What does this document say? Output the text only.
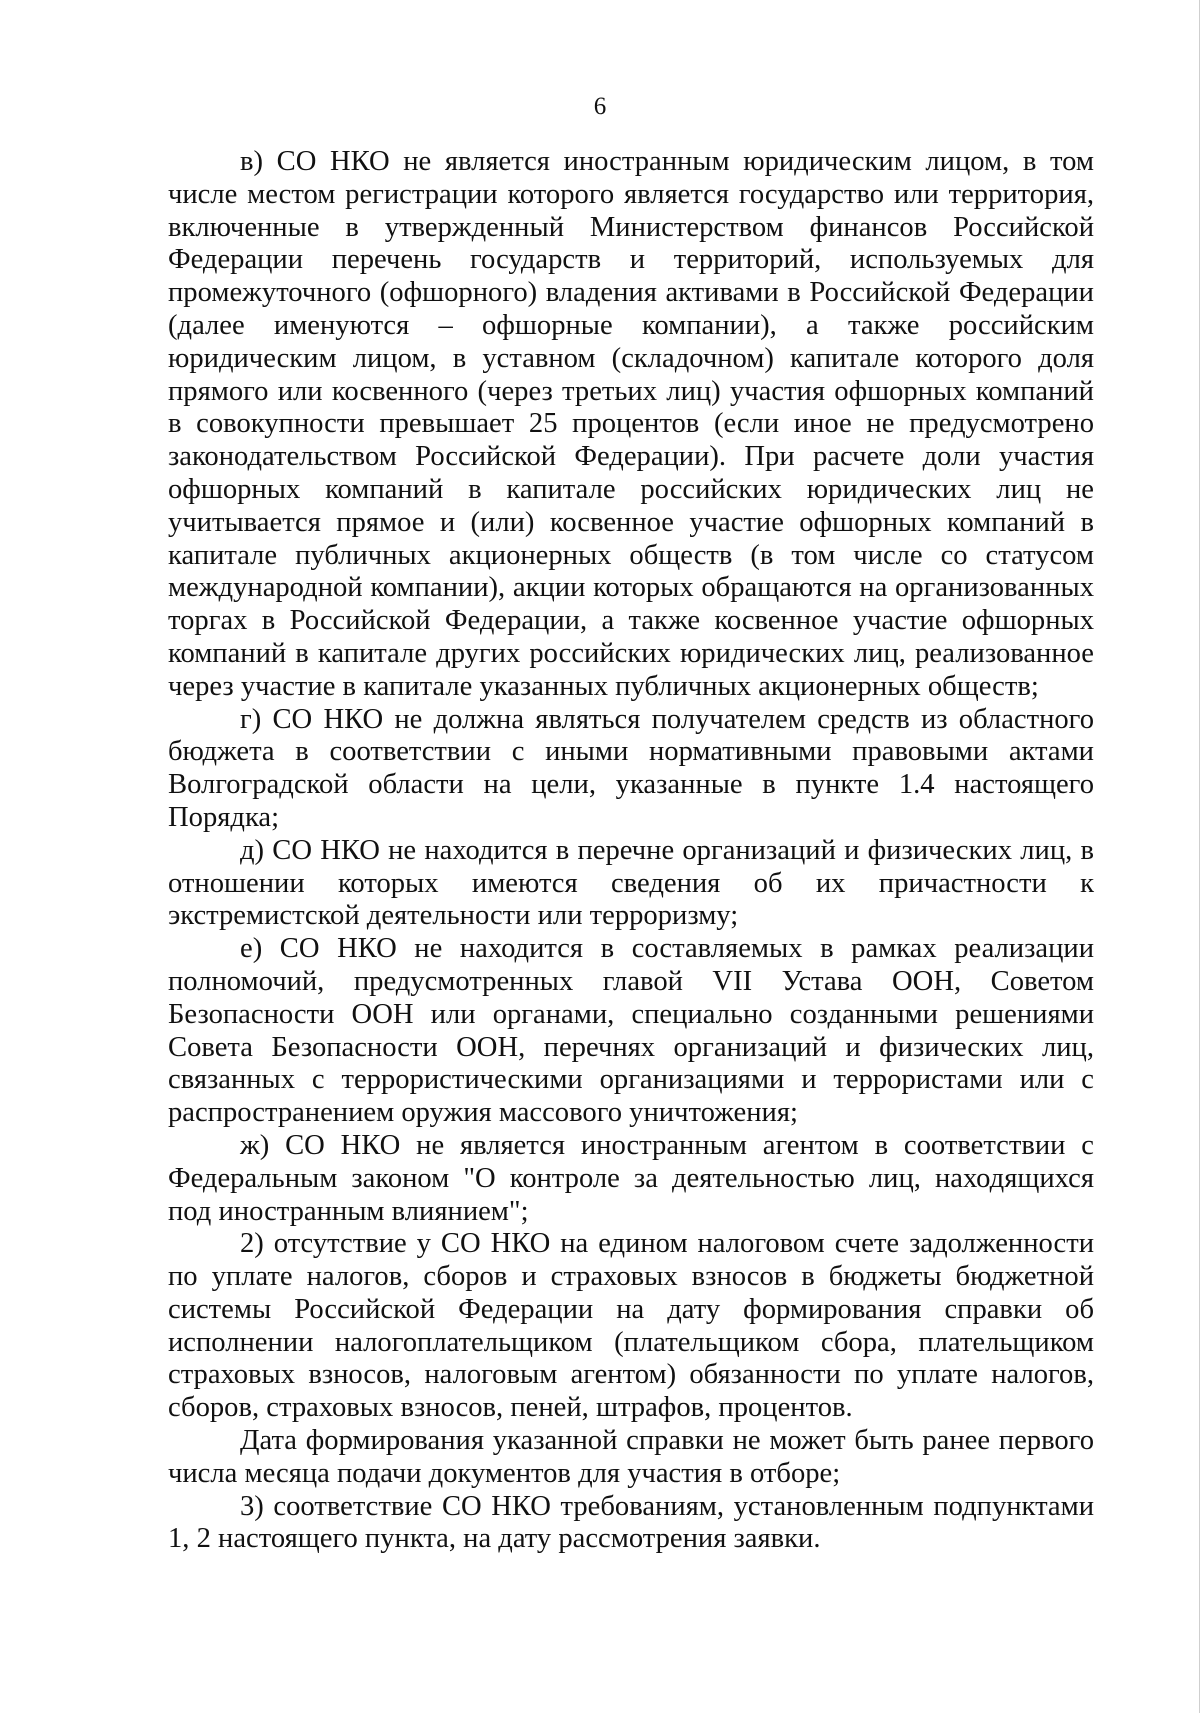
6

в) СО НКО не является иностранным юридическим лицом, в том числе местом регистрации которого является государство или территория, включенные в утвержденный Министерством финансов Российской Федерации перечень государств и территорий, используемых для промежуточного (офшорного) владения активами в Российской Федерации (далее именуются – офшорные компании), а также российским юридическим лицом, в уставном (складочном) капитале которого доля прямого или косвенного (через третьих лиц) участия офшорных компаний в совокупности превышает 25 процентов (если иное не предусмотрено законодательством Российской Федерации). При расчете доли участия офшорных компаний в капитале российских юридических лиц не учитывается прямое и (или) косвенное участие офшорных компаний в капитале публичных акционерных обществ (в том числе со статусом международной компании), акции которых обращаются на организованных торгах в Российской Федерации, а также косвенное участие офшорных компаний в капитале других российских юридических лиц, реализованное через участие в капитале указанных публичных акционерных обществ;

г) СО НКО не должна являться получателем средств из областного бюджета в соответствии с иными нормативными правовыми актами Волгоградской области на цели, указанные в пункте 1.4 настоящего Порядка;

д) СО НКО не находится в перечне организаций и физических лиц, в отношении которых имеются сведения об их причастности к экстремистской деятельности или терроризму;

е) СО НКО не находится в составляемых в рамках реализации полномочий, предусмотренных главой VII Устава ООН, Советом Безопасности ООН или органами, специально созданными решениями Совета Безопасности ООН, перечнях организаций и физических лиц, связанных с террористическими организациями и террористами или с распространением оружия массового уничтожения;

ж) СО НКО не является иностранным агентом в соответствии с Федеральным законом "О контроле за деятельностью лиц, находящихся под иностранным влиянием";

2) отсутствие у СО НКО на едином налоговом счете задолженности по уплате налогов, сборов и страховых взносов в бюджеты бюджетной системы Российской Федерации на дату формирования справки об исполнении налогоплательщиком (плательщиком сбора, плательщиком страховых взносов, налоговым агентом) обязанности по уплате налогов, сборов, страховых взносов, пеней, штрафов, процентов.

Дата формирования указанной справки не может быть ранее первого числа месяца подачи документов для участия в отборе;

3) соответствие СО НКО требованиям, установленным подпунктами 1, 2 настоящего пункта, на дату рассмотрения заявки.
